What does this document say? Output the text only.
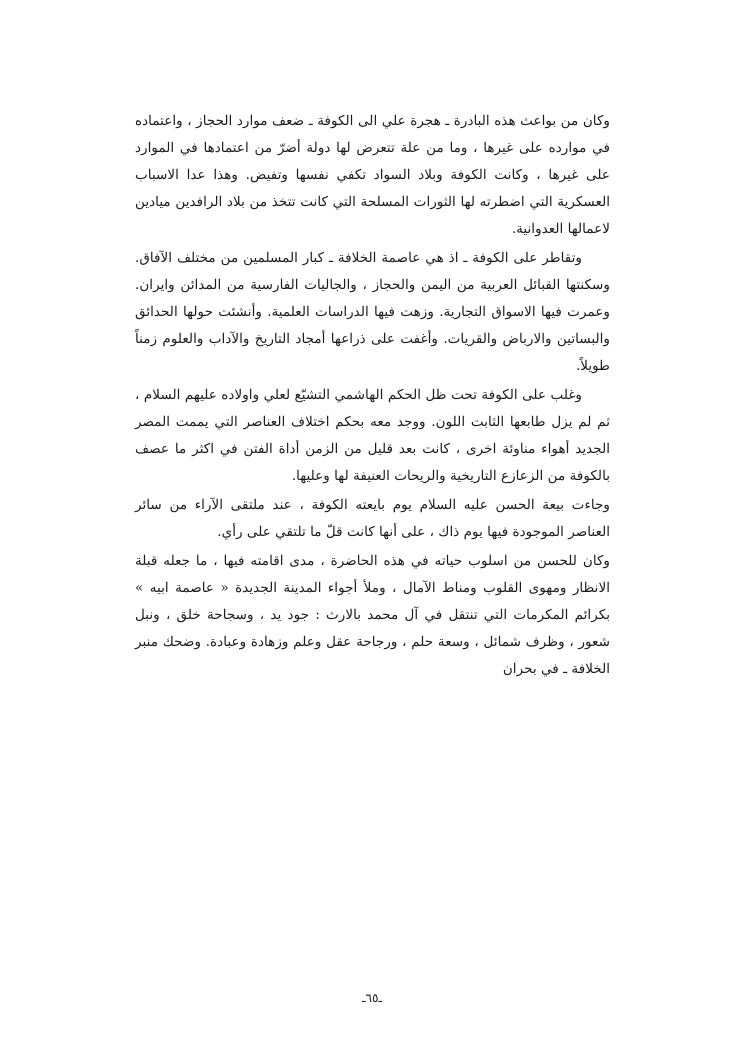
وكان من بواعث هذه البادرة ـ هجرة علي الى الكوفة ـ ضعف موارد الحجاز ، واعتماده في موارده على غيرها ، وما من علة تتعرض لها دولة أضرّ من اعتمادها في الموارد على غيرها ، وكانت الكوفة وبلاد السواد تكفي نفسها وتفيض. وهذا عدا الاسباب العسكرية التي اضطرته لها الثورات المسلحة التي كانت تتخذ من بلاد الرافدين ميادين لاعمالها العدوانية.

وتقاطر على الكوفة ـ اذ هي عاصمة الخلافة ـ كبار المسلمين من مختلف الآفاق. وسكنتها القبائل العربية من اليمن والحجاز ، والجاليات الفارسية من المدائن وايران. وعمرت فيها الاسواق التجارية. وزهت فيها الدراسات العلمية. وأنشئت حولها الحدائق والبساتين والارباض والقريات. وأغفت على ذراعها أمجاد التاريخ والآداب والعلوم زمناً طويلاً.

وغلب على الكوفة تحت ظل الحكم الهاشمي التشيّع لعلي واولاده عليهم السلام ، ثم لم يزل طابعها الثابت اللون. ووجد معه بحكم اختلاف العناصر التي يممت المصر الجديد أهواء مناوئة اخرى ، كانت بعد قليل من الزمن أداة الفتن في اكثر ما عصف بالكوفة من الزعازع التاريخية والريحات العنيفة لها وعليها.

وجاءت بيعة الحسن عليه السلام يوم بايعته الكوفة ، عند ملتقى الآراء من سائر العناصر الموجودة فيها يوم ذاك ، على أنها كانت قلّ ما تلتقي على رأي.

وكان للحسن من اسلوب حياته في هذه الحاضرة ، مدى اقامته فيها ، ما جعله قبلة الانظار ومهوى القلوب ومناط الآمال ، وملأ أجواء المدينة الجديدة « عاصمة ابيه » بكرائم المكرمات التي تنتقل في آل محمد بالارث : جود يد ، وسجاحة خلق ، ونبل شعور ، وظرف شمائل ، وسعة حلم ، ورجاحة عقل وعلم وزهادة وعبادة. وضحك منبر الخلافة ـ في بحران

ـ٦٥ـ
